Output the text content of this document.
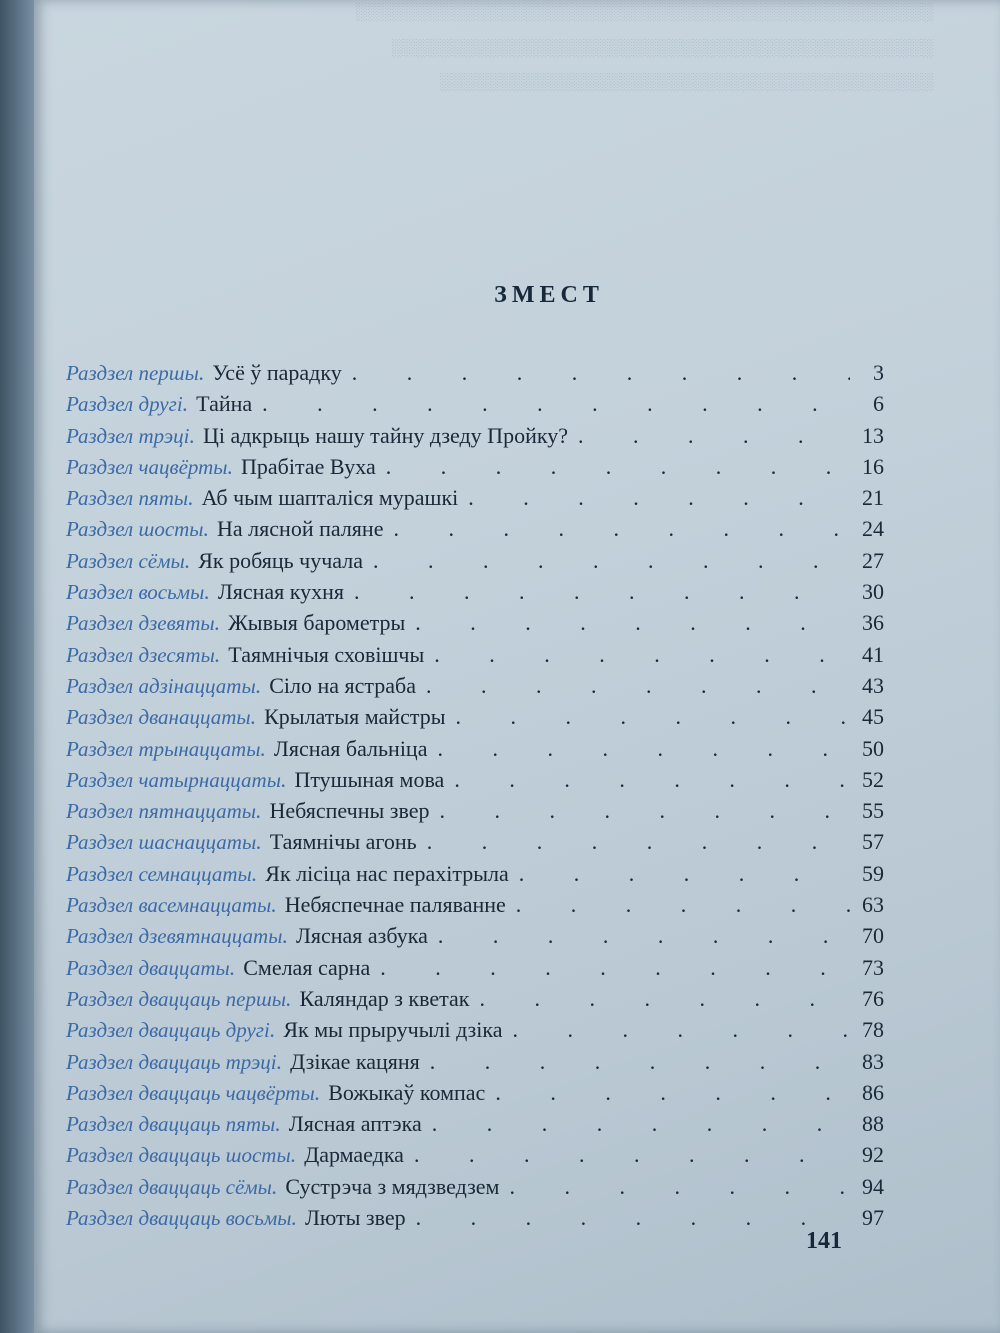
░░░░░░░░░░░░░░░░░░░░░░░░░░░░░░░░░░░░░░░░░░░░░░░░
░░░░░░░░░░░░░░░░░░░░░░░░░░░░░░░░░░░░░░░░░░░░░
░░░░░░░░░░░░░░░░░░░░░░░░░░░░░░░░░░░░░░░░░
ЗМЕСТ
Раздзел першы . Усё ў парадку .	3
Раздзел другі . Тайна .	6
Раздзел трэці . Ці адкрыць нашу тайну дзеду Пройку? .	13
Раздзел чацвёрты . Прабітае Вуха .	16
Раздзел пяты . Аб чым шапталіся мурашкі .	21
Раздзел шосты . На лясной паляне .	24
Раздзел сёмы . Як робяць чучала .	27
Раздзел восьмы . Лясная кухня .	30
Раздзел дзевяты . Жывыя барометры .	36
Раздзел дзесяты . Таямнічыя сховішчы .	41
Раздзел адзінаццаты . Сіло на ястраба .	43
Раздзел дванаццаты . Крылатыя майстры .	45
Раздзел трынаццаты . Лясная бальніца .	50
Раздзел чатырнаццаты . Птушыная мова .	52
Раздзел пятнаццаты . Небяспечны звер .	55
Раздзел шаснаццаты . Таямнічы агонь .	57
Раздзел семнаццаты . Як лісіца нас перахітрыла .	59
Раздзел васемнаццаты . Небяспечнае паляванне .	63
Раздзел дзевятнаццаты . Лясная азбука .	70
Раздзел дваццаты . Смелая сарна .	73
Раздзел дваццаць першы . Каляндар з кветак .	76
Раздзел дваццаць другі . Як мы прыручылі дзіка .	78
Раздзел дваццаць трэці . Дзікае кацяня .	83
Раздзел дваццаць чацвёрты . Вожыкаў компас .	86
Раздзел дваццаць пяты . Лясная аптэка .	88
Раздзел дваццаць шосты . Дармаедка .	92
Раздзел дваццаць сёмы . Сустрэча з мядзведзем .	94
Раздзел дваццаць восьмы . Люты звер .	97
141
